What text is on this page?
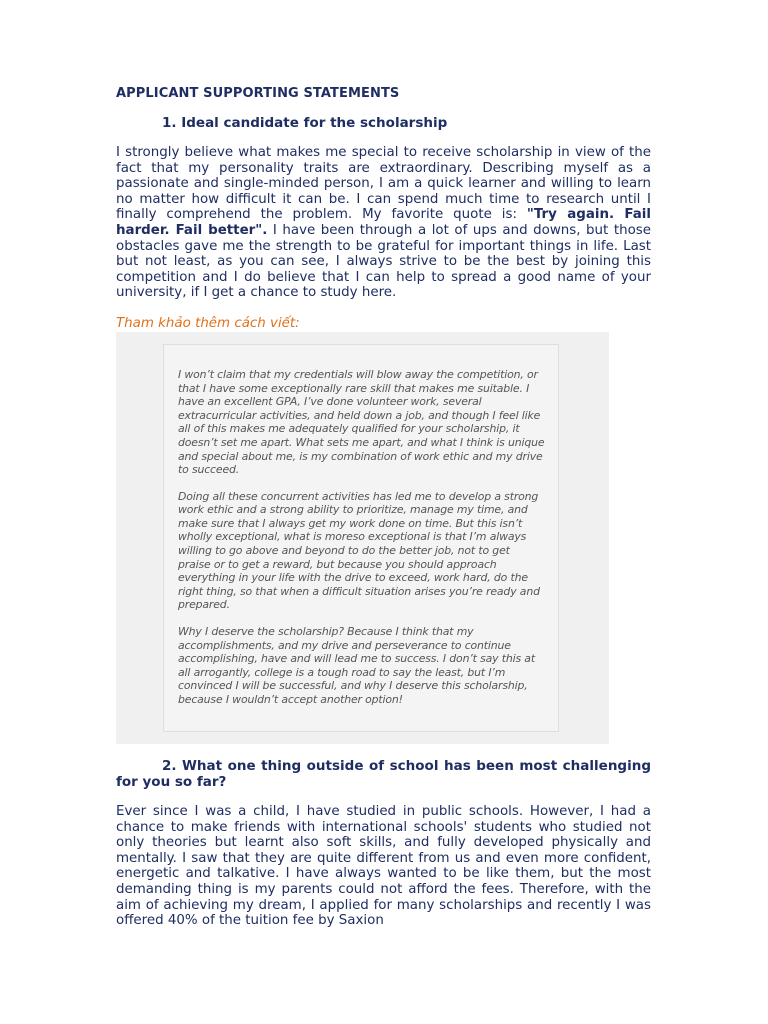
APPLICANT SUPPORTING STATEMENTS
1. Ideal candidate for the scholarship

I strongly believe what makes me special to receive scholarship in view of the fact that my personality traits are extraordinary. Describing myself as a passionate and single-minded person, I am a quick learner and willing to learn no matter how difficult it can be. I can spend much time to research until I finally comprehend the problem. My favorite quote is: "Try again. Fail harder. Fail better". I have been through a lot of ups and downs, but those obstacles gave me the strength to be grateful for important things in life. Last but not least, as you can see, I always strive to be the best by joining this competition and I do believe that I can help to spread a good name of your university, if I get a chance to study here.

Tham khảo thêm cách viết:

I won’t claim that my credentials will blow away the competition, or that I have some exceptionally rare skill that makes me suitable. I have an excellent GPA, I’ve done volunteer work, several extracurricular activities, and held down a job, and though I feel like all of this makes me adequately qualified for your scholarship, it doesn’t set me apart. What sets me apart, and what I think is unique and special about me, is my combination of work ethic and my drive to succeed.

Doing all these concurrent activities has led me to develop a strong work ethic and a strong ability to prioritize, manage my time, and make sure that I always get my work done on time. But this isn’t wholly exceptional, what is moreso exceptional is that I’m always willing to go above and beyond to do the better job, not to get praise or to get a reward, but because you should approach everything in your life with the drive to exceed, work hard, do the right thing, so that when a difficult situation arises you’re ready and prepared.

Why I deserve the scholarship? Because I think that my accomplishments, and my drive and perseverance to continue accomplishing, have and will lead me to success. I don’t say this at all arrogantly, college is a tough road to say the least, but I’m convinced I will be successful, and why I deserve this scholarship, because I wouldn’t accept another option!

2. What one thing outside of school has been most challenging for you so far?

Ever since I was a child, I have studied in public schools. However, I had a chance to make friends with international schools' students who studied not only theories but learnt also soft skills, and fully developed physically and mentally. I saw that they are quite different from us and even more confident, energetic and talkative. I have always wanted to be like them, but the most demanding thing is my parents could not afford the fees. Therefore, with the aim of achieving my dream, I applied for many scholarships and recently I was offered 40% of the tuition fee by Saxion
